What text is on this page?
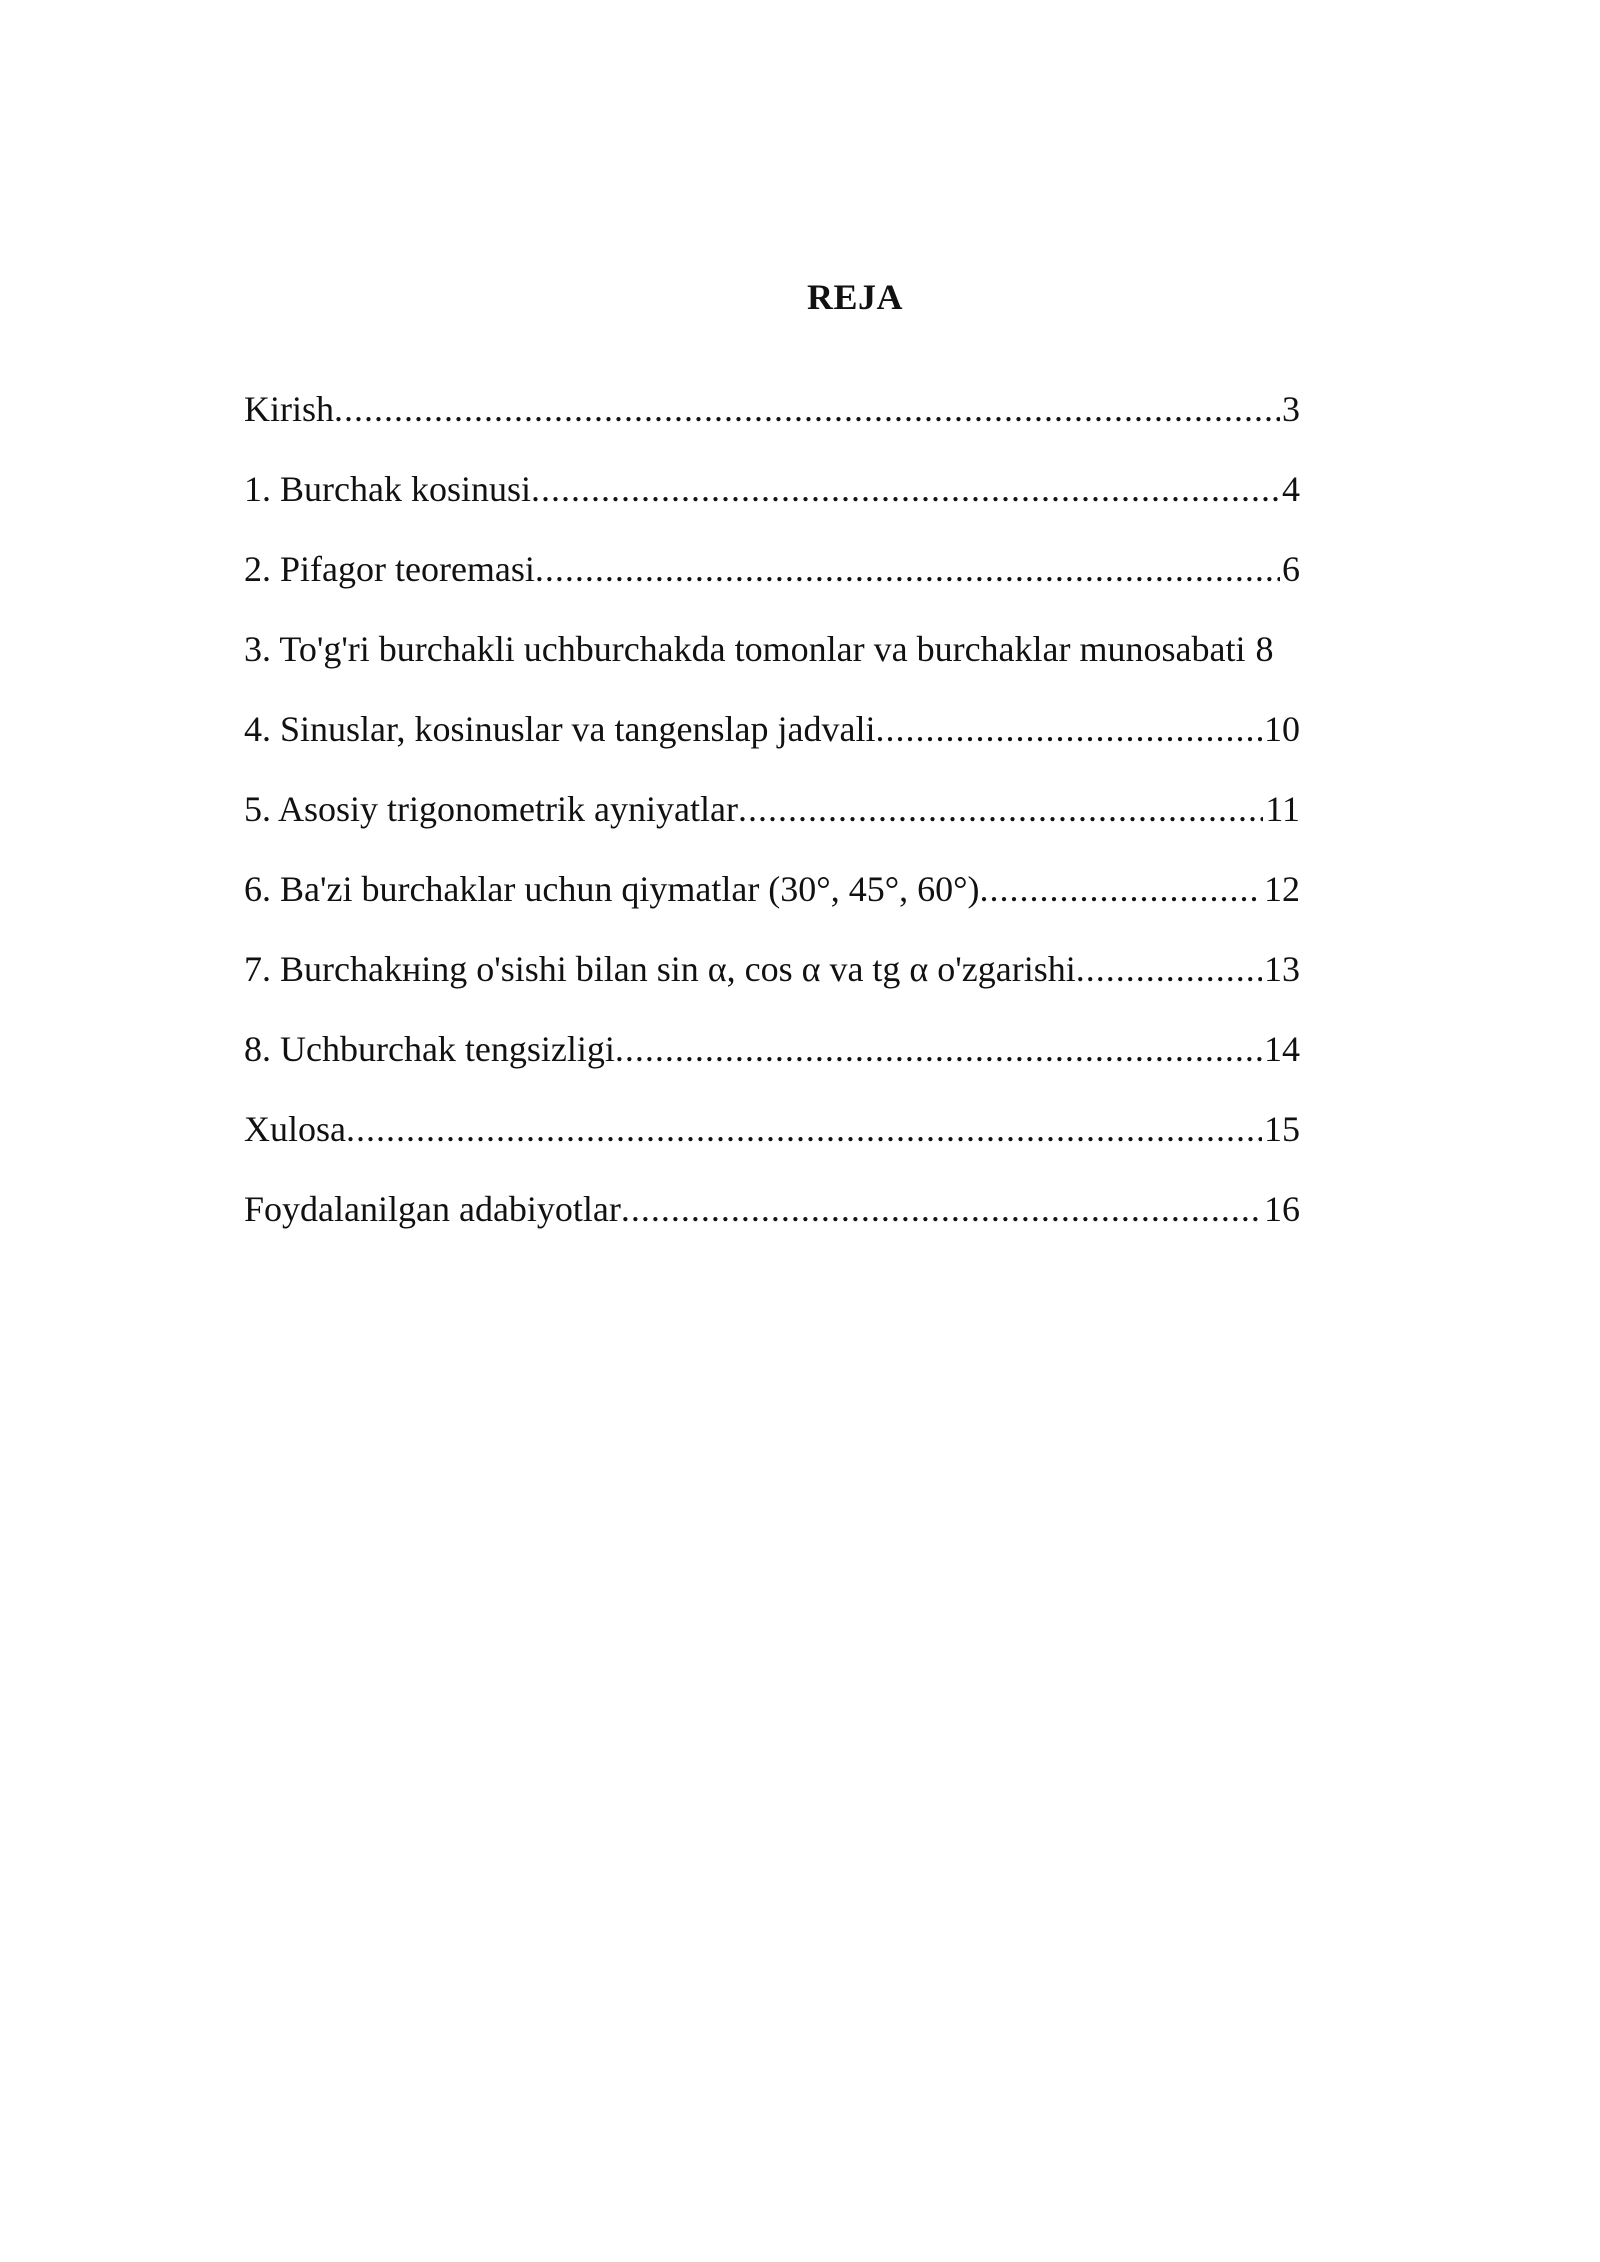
REJA
Kirish .....	3
1. Burchak kosinusi .....	4
2. Pifagor teoremasi .....	6
3. To'g'ri burchakli uchburchakda tomonlar va burchaklar munosabati 8
4. Sinuslar, kosinuslar va tangenslap jadvali .....	10
5. Asosiy trigonometrik ayniyatlar .....	11
6. Ba'zi burchaklar uchun qiymatlar (30°, 45°, 60°) .....	12
7. Burchakнing o'sishi bilan sin α, cos α va tg α o'zgarishi .....	13
8. Uchburchak tengsizligi .....	14
Xulosa .....	15
Foydalanilgan adabiyotlar .....	16
